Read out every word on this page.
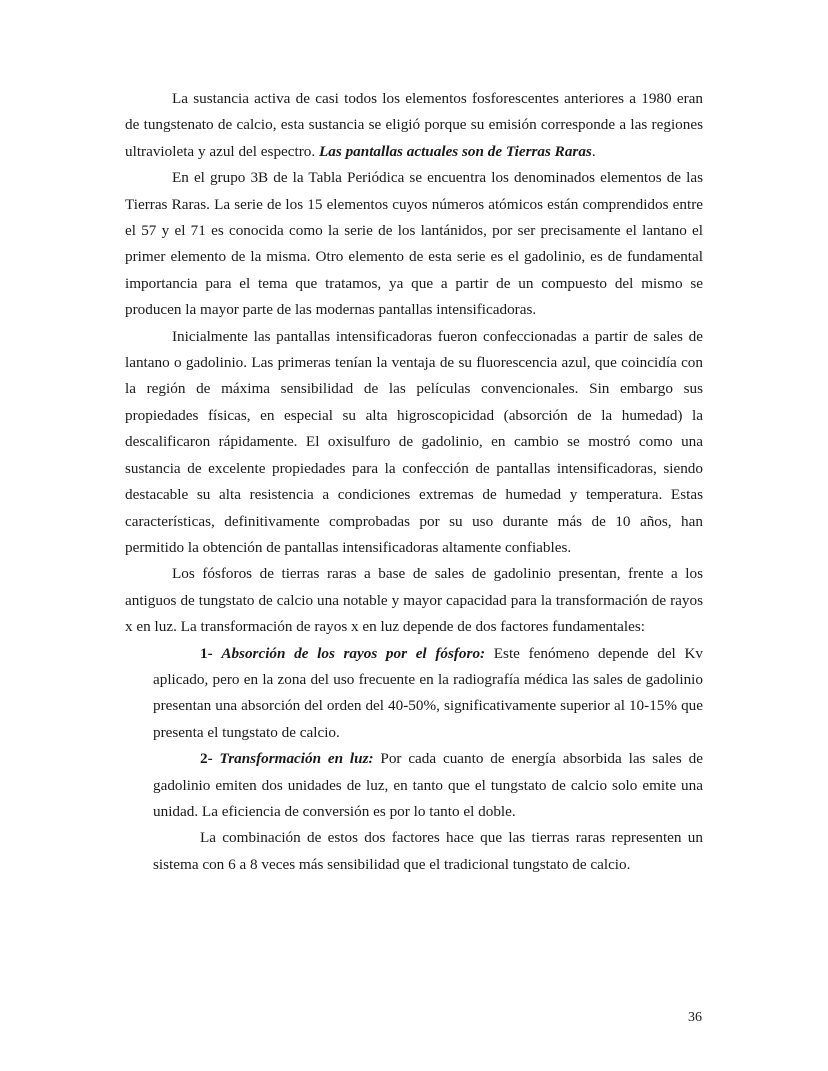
La sustancia activa de casi todos los elementos fosforescentes anteriores a 1980 eran de tungstenato de calcio, esta sustancia se eligió porque su emisión corresponde a las regiones ultravioleta y azul del espectro. Las pantallas actuales son de Tierras Raras.

En el grupo 3B de la Tabla Periódica se encuentra los denominados elementos de las Tierras Raras. La serie de los 15 elementos cuyos números atómicos están comprendidos entre el 57 y el 71 es conocida como la serie de los lantánidos, por ser precisamente el lantano el primer elemento de la misma. Otro elemento de esta serie es el gadolinio, es de fundamental importancia para el tema que tratamos, ya que a partir de un compuesto del mismo se producen la mayor parte de las modernas pantallas intensificadoras.

Inicialmente las pantallas intensificadoras fueron confeccionadas a partir de sales de lantano o gadolinio. Las primeras tenían la ventaja de su fluorescencia azul, que coincidía con la región de máxima sensibilidad de las películas convencionales. Sin embargo sus propiedades físicas, en especial su alta higroscopicidad (absorción de la humedad) la descalificaron rápidamente. El oxisulfuro de gadolinio, en cambio se mostró como una sustancia de excelente propiedades para la confección de pantallas intensificadoras, siendo destacable su alta resistencia a condiciones extremas de humedad y temperatura. Estas características, definitivamente comprobadas por su uso durante más de 10 años, han permitido la obtención de pantallas intensificadoras altamente confiables.

Los fósforos de tierras raras a base de sales de gadolinio presentan, frente a los antiguos de tungstato de calcio una notable y mayor capacidad para la transformación de rayos x en luz. La transformación de rayos x en luz depende de dos factores fundamentales:

1- Absorción de los rayos por el fósforo: Este fenómeno depende del Kv aplicado, pero en la zona del uso frecuente en la radiografía médica las sales de gadolinio presentan una absorción del orden del 40-50%, significativamente superior al 10-15% que presenta el tungstato de calcio.

2- Transformación en luz: Por cada cuanto de energía absorbida las sales de gadolinio emiten dos unidades de luz, en tanto que el tungstato de calcio solo emite una unidad. La eficiencia de conversión es por lo tanto el doble.

La combinación de estos dos factores hace que las tierras raras representen un sistema con 6 a 8 veces más sensibilidad que el tradicional tungstato de calcio.

36
